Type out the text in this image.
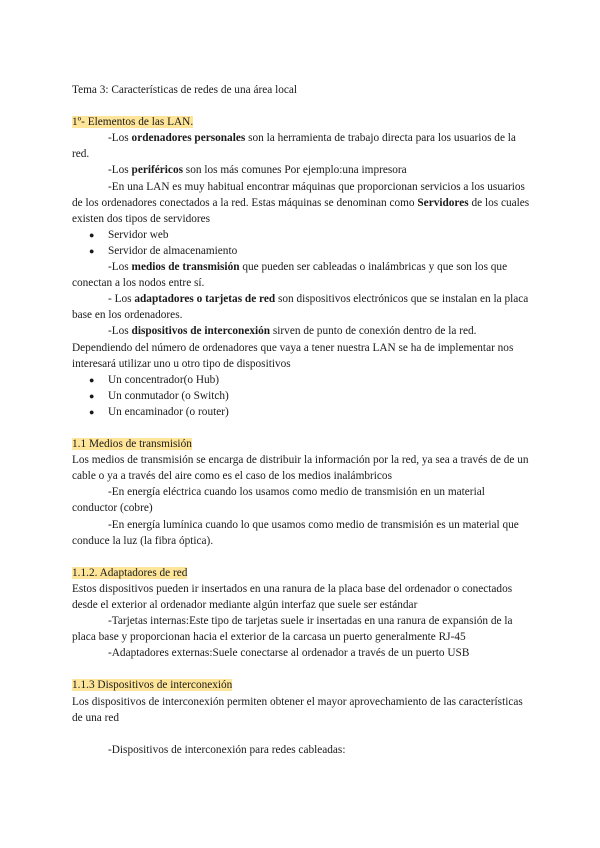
Tema 3: Características de redes de una área local

1º- Elementos de las LAN.

-Los ordenadores personales son la herramienta de trabajo directa para los usuarios de la red.

-Los periféricos son los más comunes Por ejemplo:una impresora

-En una LAN es muy habitual encontrar máquinas que proporcionan servicios a los usuarios de los ordenadores conectados a la red. Estas máquinas se denominan como Servidores de los cuales existen dos tipos de servidores

● Servidor web
● Servidor de almacenamiento

-Los medios de transmisión que pueden ser cableadas o inalámbricas y que son los que conectan a los nodos entre sí.

- Los adaptadores o tarjetas de red son dispositivos electrónicos que se instalan en la placa base en los ordenadores.

-Los dispositivos de interconexión sirven de punto de conexión dentro de la red. Dependiendo del número de ordenadores que vaya a tener nuestra LAN se ha de implementar nos interesará utilizar uno u otro tipo de dispositivos

● Un concentrador(o Hub)
● Un conmutador (o Switch)
● Un encaminador (o router)

1.1 Medios de transmisión

Los medios de transmisión se encarga de distribuir la información por la red, ya sea a través de de un cable o ya a través del aire como es el caso de los medios inalámbricos

-En energía eléctrica cuando los usamos como medio de transmisión en un material conductor (cobre)

-En energía lumínica cuando lo que usamos como medio de transmisión es un material que conduce la luz (la fibra óptica).

1.1.2. Adaptadores de red

Estos dispositivos pueden ir insertados en una ranura de la placa base del ordenador o conectados desde el exterior al ordenador mediante algún interfaz que suele ser estándar

-Tarjetas internas:Este tipo de tarjetas suele ir insertadas en una ranura de expansión de la placa base y proporcionan hacia el exterior de la carcasa un puerto generalmente RJ-45

-Adaptadores externas:Suele conectarse al ordenador a través de un puerto USB

1.1.3 Dispositivos de interconexión

Los dispositivos de interconexión permiten obtener el mayor aprovechamiento de las características de una red

-Dispositivos de interconexión para redes cableadas:
